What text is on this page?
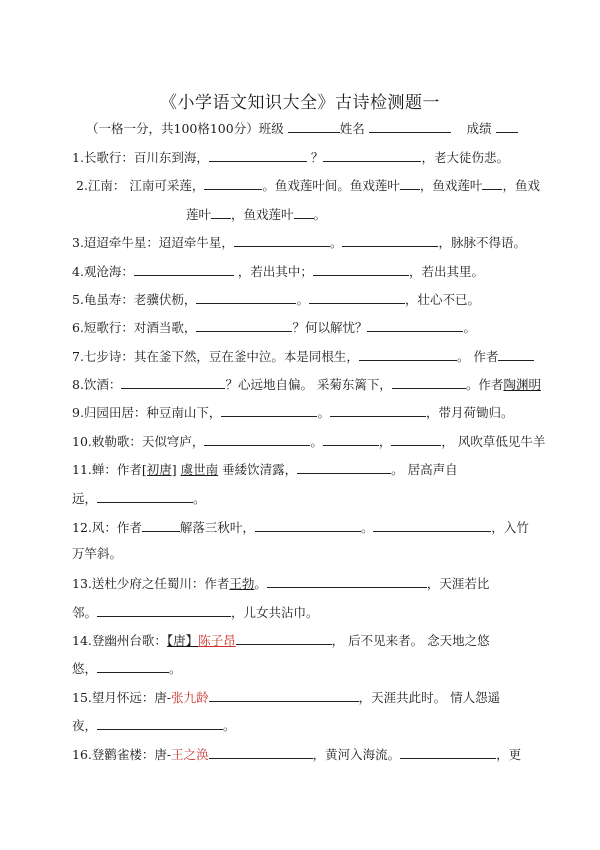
《小学语文知识大全》古诗检测题一
（一格一分，共100格100分）班级	姓名	成绩
1.长歌行：百川东到海，	？	，老大徒伤悲。
2.江南： 江南可采莲，	。鱼戏莲叶间。鱼戏莲叶 ，鱼戏莲叶 ，鱼戏
莲叶 ，鱼戏莲叶 。
3.迢迢牵牛星：迢迢牵牛星，	。	，脉脉不得语。
4.观沧海：	，若出其中；	，若出其里。
5.龟虽寿：老骥伏枥，	。	，壮心不已。
6.短歌行：对酒当歌，	？何以解忧？	。
7.七步诗：其在釜下然，豆在釜中泣。本是同根生，	。 作者
8.饮酒：	？心远地自偏。 采菊东篱下，	。作者陶渊明
9.归园田居：种豆南山下，	。	，带月荷锄归。
10.敕勒歌：天似穹庐，	。	，	， 风吹草低见牛羊
11.蝉：作者[初唐] 虞世南 垂緌饮清露，	。 居高声自
远，	。
12.风：作者	解落三秋叶，	。	，入竹
万竿斜。
13.送杜少府之任蜀川：作者王勃。	，天涯若比
邻。	，儿女共沾巾。
14.登幽州台歌：【唐】陈子昂	， 后不见来者。 念天地之悠
悠，	。
15.望月怀远：唐-张九龄	，天涯共此时。 情人怨遥
夜，	。
16.登鹳雀楼：唐-王之涣	，黄河入海流。	，更
